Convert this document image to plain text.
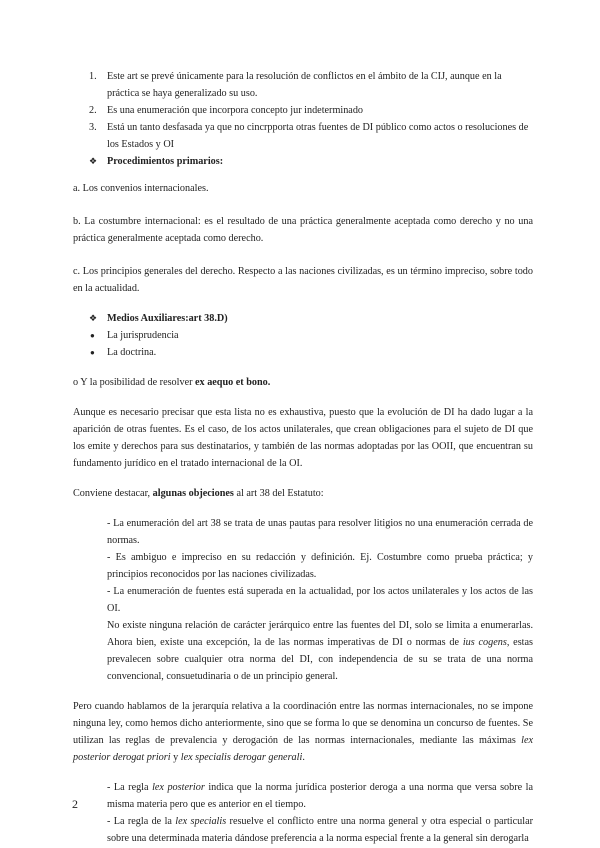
1. Este art se prevé únicamente para la resolución de conflictos en el ámbito de la CIJ, aunque en la práctica se haya generalizado su uso.
2. Es una enumeración que incorpora concepto jur indeterminado
3. Está un tanto desfasada ya que no cincrpporta otras fuentes de DI público como actos o resoluciones de los Estados y OI
❖ Procedimientos primarios:

a. Los convenios internacionales.

b. La costumbre internacional: es el resultado de una práctica generalmente aceptada como derecho y no una práctica generalmente aceptada como derecho.

c. Los principios generales del derecho. Respecto a las naciones civilizadas, es un término impreciso, sobre todo en la actualidad.

❖ Medios Auxiliares:art 38.D)
● La jurisprudencia
● La doctrina.

o Y la posibilidad de resolver ex aequo et bono.

Aunque es necesario precisar que esta lista no es exhaustiva, puesto que la evolución de DI ha dado lugar a la aparición de otras fuentes. Es el caso, de los actos unilaterales, que crean obligaciones para el sujeto de DI que los emite y derechos para sus destinatarios, y también de las normas adoptadas por las OOII, que encuentran su fundamento jurídico en el tratado internacional de la OI.

Conviene destacar, algunas objeciones al art 38 del Estatuto:

- La enumeración del art 38 se trata de unas pautas para resolver litigios no una enumeración cerrada de normas.

- Es ambiguo e impreciso en su redacción y definición. Ej. Costumbre como prueba práctica; y principios reconocidos por las naciones civilizadas.

- La enumeración de fuentes está superada en la actualidad, por los actos unilaterales y los actos de las OI.

No existe ninguna relación de carácter jerárquico entre las fuentes del DI, solo se limita a enumerarlas. Ahora bien, existe una excepción, la de las normas imperativas de DI o normas de ius cogens, estas prevalecen sobre cualquier otra norma del DI, con independencia de su se trata de una norma convencional, consuetudinaria o de un principio general.

Pero cuando hablamos de la jerarquía relativa a la coordinación entre las normas internacionales, no se impone ninguna ley, como hemos dicho anteriormente, sino que se forma lo que se denomina un concurso de fuentes. Se utilizan las reglas de prevalencia y derogación de las normas internacionales, mediante las máximas lex posterior derogat priori y lex specialis derogar generali.

- La regla lex posterior indica que la norma jurídica posterior deroga a una norma que versa sobre la misma materia pero que es anterior en el tiempo.

- La regla de la lex specialis resuelve el conflicto entre una norma general y otra especial o particular sobre una determinada materia dándose preferencia a la norma especial frente a la general sin derogarla

2
